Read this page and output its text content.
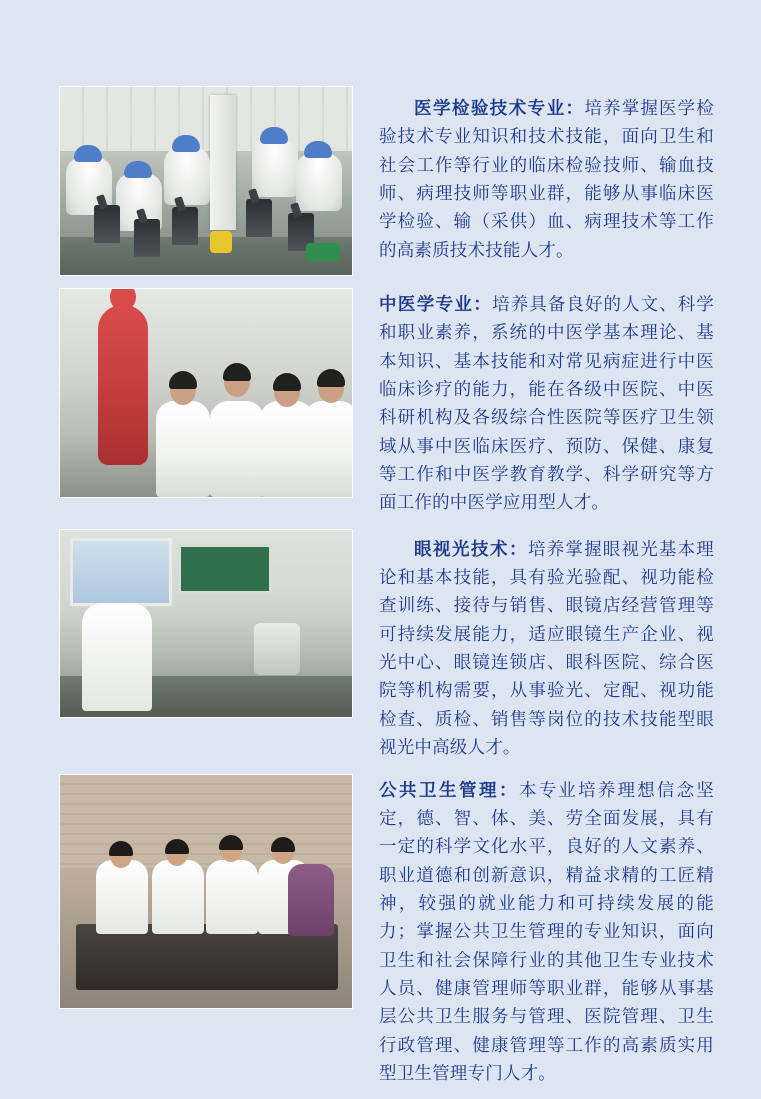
医学检验技术专业：培养掌握医学检验技术专业知识和技术技能，面向卫生和社会工作等行业的临床检验技师、输血技师、病理技师等职业群，能够从事临床医学检验、输（采供）血、病理技术等工作的高素质技术技能人才。

中医学专业：培养具备良好的人文、科学和职业素养，系统的中医学基本理论、基本知识、基本技能和对常见病症进行中医临床诊疗的能力，能在各级中医院、中医科研机构及各级综合性医院等医疗卫生领域从事中医临床医疗、预防、保健、康复等工作和中医学教育教学、科学研究等方面工作的中医学应用型人才。

眼视光技术：培养掌握眼视光基本理论和基本技能，具有验光验配、视功能检查训练、接待与销售、眼镜店经营管理等可持续发展能力，适应眼镜生产企业、视光中心、眼镜连锁店、眼科医院、综合医院等机构需要，从事验光、定配、视功能检查、质检、销售等岗位的技术技能型眼视光中高级人才。

公共卫生管理：本专业培养理想信念坚定，德、智、体、美、劳全面发展，具有一定的科学文化水平，良好的人文素养、职业道德和创新意识，精益求精的工匠精神，较强的就业能力和可持续发展的能力；掌握公共卫生管理的专业知识，面向卫生和社会保障行业的其他卫生专业技术人员、健康管理师等职业群，能够从事基层公共卫生服务与管理、医院管理、卫生行政管理、健康管理等工作的高素质实用型卫生管理专门人才。
